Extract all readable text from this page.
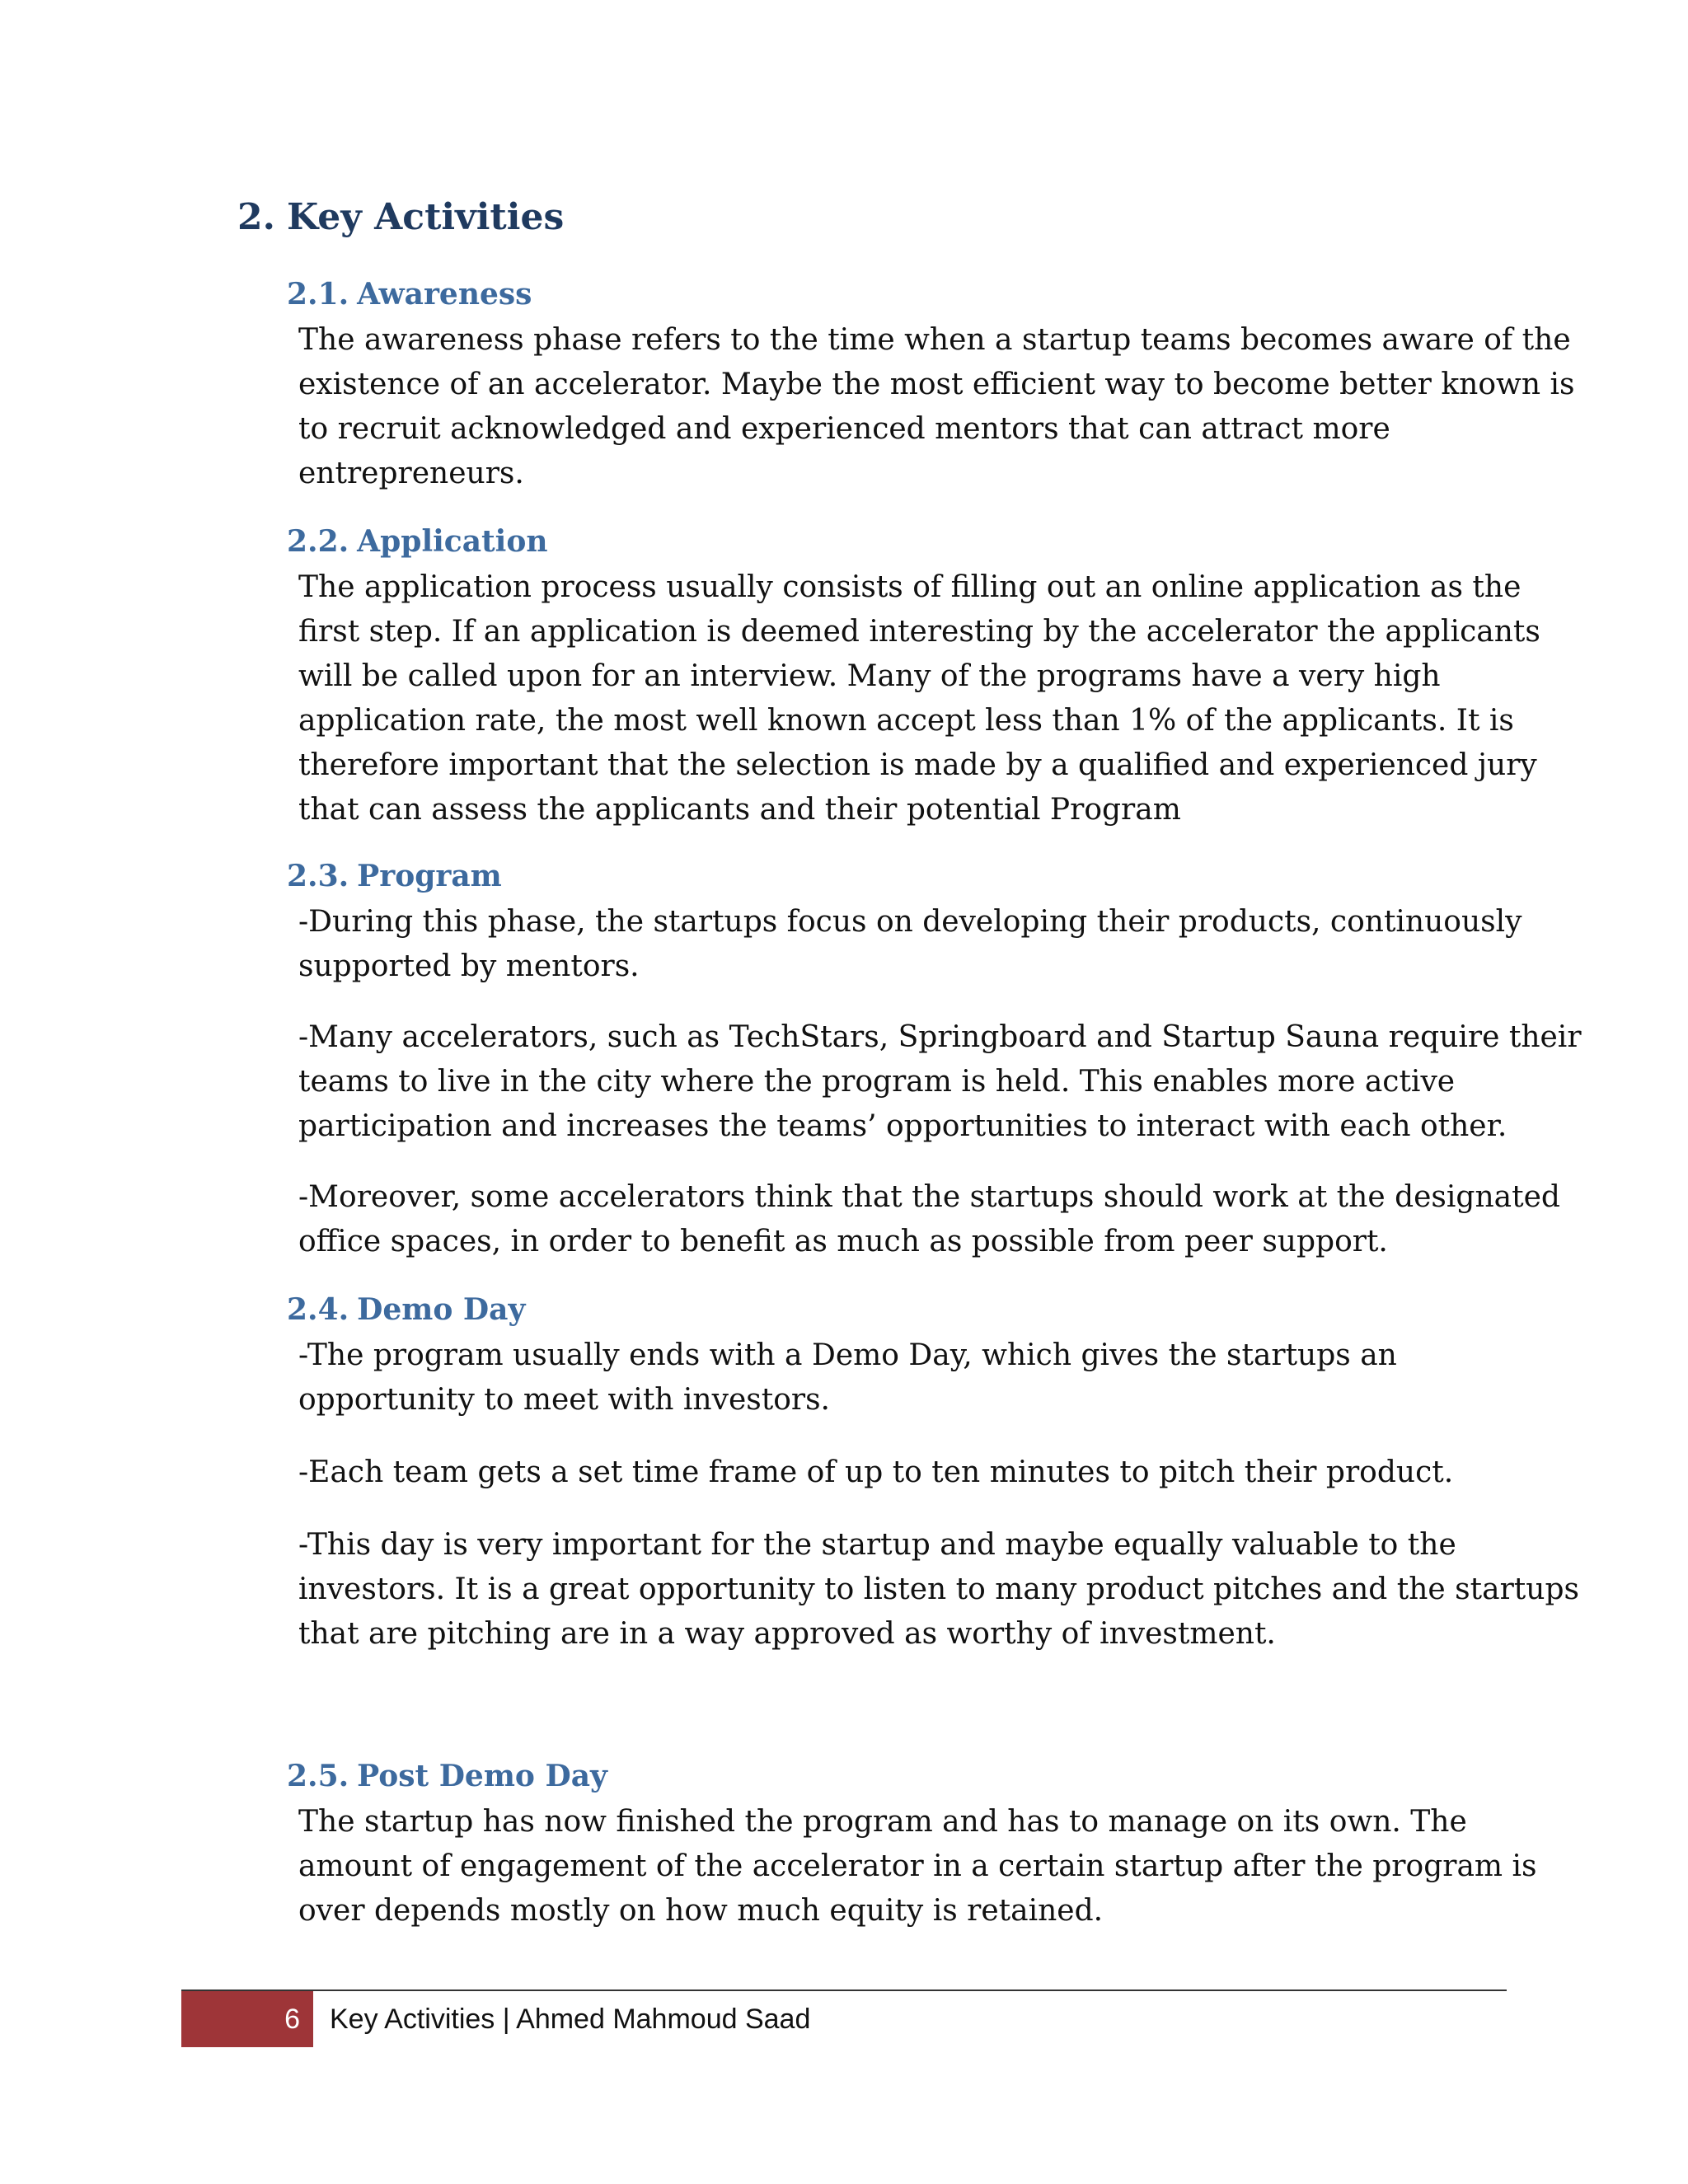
2. Key Activities
2.1. Awareness

The awareness phase refers to the time when a startup teams becomes aware of the
existence of an accelerator. Maybe the most efficient way to become better known is
to recruit acknowledged and experienced mentors that can attract more
entrepreneurs.

2.2. Application

The application process usually consists of filling out an online application as the
first step. If an application is deemed interesting by the accelerator the applicants
will be called upon for an interview. Many of the programs have a very high
application rate, the most well known accept less than 1% of the applicants. It is
therefore important that the selection is made by a qualified and experienced jury
that can assess the applicants and their potential Program

2.3. Program

-During this phase, the startups focus on developing their products, continuously
supported by mentors.

-Many accelerators, such as TechStars, Springboard and Startup Sauna require their
teams to live in the city where the program is held. This enables more active
participation and increases the teams’ opportunities to interact with each other.

-Moreover, some accelerators think that the startups should work at the designated
office spaces, in order to benefit as much as possible from peer support.

2.4. Demo Day

-The program usually ends with a Demo Day, which gives the startups an
opportunity to meet with investors.

-Each team gets a set time frame of up to ten minutes to pitch their product.

-This day is very important for the startup and maybe equally valuable to the
investors. It is a great opportunity to listen to many product pitches and the startups
that are pitching are in a way approved as worthy of investment.

2.5. Post Demo Day

The startup has now finished the program and has to manage on its own. The
amount of engagement of the accelerator in a certain startup after the program is
over depends mostly on how much equity is retained.

6 Key Activities | Ahmed Mahmoud Saad
